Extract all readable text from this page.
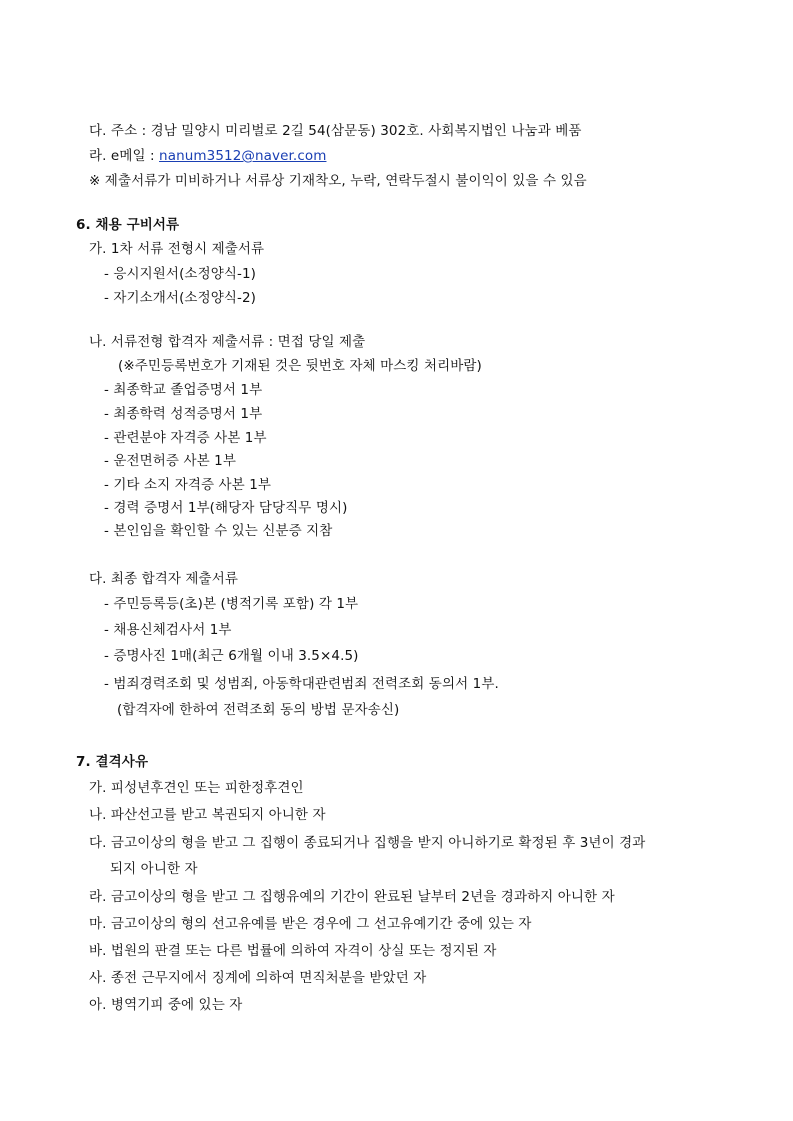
다. 주소 : 경남 밀양시 미리벌로 2길 54(삼문동) 302호. 사회복지법인 나눔과 베품
라. e메일 : nanum3512@naver.com
※ 제출서류가 미비하거나 서류상 기재착오, 누락, 연락두절시 불이익이 있을 수 있음
6. 채용 구비서류
가. 1차 서류 전형시 제출서류
- 응시지원서(소정양식-1)
- 자기소개서(소정양식-2)
나. 서류전형 합격자 제출서류 : 면접 당일 제출
(※주민등록번호가 기재된 것은 뒷번호 자체 마스킹 처리바람)
- 최종학교 졸업증명서 1부
- 최종학력 성적증명서 1부
- 관련분야 자격증 사본 1부
- 운전면허증 사본 1부
- 기타 소지 자격증 사본 1부
- 경력 증명서 1부(해당자 담당직무 명시)
- 본인임을 확인할 수 있는 신분증 지참
다. 최종 합격자 제출서류
- 주민등록등(초)본 (병적기록 포함) 각 1부
- 채용신체검사서 1부
- 증명사진 1매(최근 6개월 이내 3.5×4.5)
- 범죄경력조회 및 성범죄, 아동학대관련범죄 전력조회 동의서 1부.
(합격자에 한하여 전력조회 동의 방법 문자송신)
7. 결격사유
가. 피성년후견인 또는 피한정후견인
나. 파산선고를 받고 복권되지 아니한 자
다. 금고이상의 형을 받고 그 집행이 종료되거나 집행을 받지 아니하기로 확정된 후 3년이 경과
되지 아니한 자
라. 금고이상의 형을 받고 그 집행유예의 기간이 완료된 날부터 2년을 경과하지 아니한 자
마. 금고이상의 형의 선고유예를 받은 경우에 그 선고유예기간 중에 있는 자
바. 법원의 판결 또는 다른 법률에 의하여 자격이 상실 또는 정지된 자
사. 종전 근무지에서 징계에 의하여 면직처분을 받았던 자
아. 병역기피 중에 있는 자
